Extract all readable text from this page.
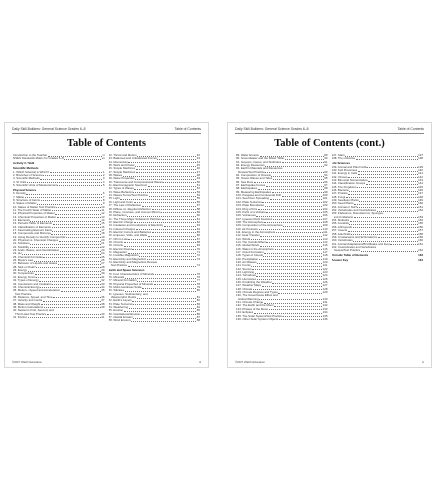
Daily Skill Builders: General Science Grades 6–8	Table of Contents
Table of Contents
Introduction to the Teacher	vi
NSES Standards Matrix for Grades 5–8	vii
Activity # / Skill
Scientific Methods
1. Which Scientist is Which?	1
2. Branches of Science	2
3. Scientific Methods	3
4. SI Units	4
5. Scientific Units of Measurement	5
Physical Science
6. Density	6
7. Matter	7
8. Structure of Atoms	8
9. States of Matter	9
10. States of Matter Test Practice	10
11. The Fourth State of Matter	11
12. Physical Properties of Matter	12
13. Chemical Properties of Matter	13
14. Elements	14
15. Periodic Table of Elements	15
16. Classification of Elements	16
17. Fascinating Element Facts	17
18. Compounds and Mixtures	18
19. Using Density to Identify Compounds	19
20. Physical vs. Chemical Changes	20
21. Solutions	21
22. Solubility	22
23. Acids, Bases, and Neutralization	23
24. pH	24
25. Chemical Formulas	25
26. Boyle's Law	26
27. Behavior of Liquids and Gases	27
28. Sink or Float?	28
29. Energy	29
30. Temperature	30
31. Energy Terms	31
32. Types of Energy	32
33. Conductors and Insulators	33
34. Chemical Energy	34
35. Motion—Speed and Acceleration	35
Test Practice
36. Distance, Speed, and Time	36
37. Velocity and Inertia	37
38. Mass and Weight	38
39. Motion Calculations	39
40. Newton's First, Second, and
Third Laws Test Practice	40
41. Friction	41
42. Thrust and Motion	42
43. Balanced and Unbalanced Forces	43
44. Momentum	44
45. Work and Power	45
46. Simple Machines	46
47. Simple Machines	47
48. Waves	48
49. Wave Properties	49
50. Transverse and Compressional Waves	50
51. Electromagnetic Spectrum	51
52. Types of Waves	52
53. Wave Behavior	53
54. Waves Terms/Test Practice	54
55. Light	55
56. Light and Color	56
57. The Law of Reflection	57
58. Diffuse vs. Regular Reflection	58
59. Plane, Concave, and Convex Mirrors	59
60. Refraction	60
61. The Three Major Subatomic Particles	61
62. Electric Charge	62
63. Insulators and Conductors of Electricity	63
64. Induced Charges	64
65. Electric Current and Batteries	65
66. Amperes, Volts, and Watts	66
67. Ohm's Law	67
68. Circuits	68
69. Circuits	69
70. Electric Power	70
71. Magnetism	71
72. Invisible Magnetism	72
73. Electricity and Magnetism	73
74. Electricity and Magnetism Review/
Test Practice	74
Earth and Space Sciences
75. Four Characteristics of Minerals	75
76. Minerals	76
77. Mineral Formation	77
78. Physical Properties of Minerals	78
79. Mohs Hardness Scale	79
80. Silicates	80
81. Igneous, Sedimentary, and
Metamorphic Rocks	81
82. Earth's Layers	82
83. Plate Tectonics	83
84. Weathering	84
85. Erosion	85
86. Gravitational Erosion	86
87. Glacial Erosion	87
88. Wind Erosion	88
©2007 Walch Education	iii
Daily Skill Builders: General Science Grades 6–8	Table of Contents
Table of Contents (cont.)
89. Water Erosion	89
90. Groundwater and the Water Table	90
91. Geysers, Caves, and Sinkholes	91
92. Energy Resources	92
93. Earth's Materials and Resources
Review/Test Practice	93
94. Composition of Oceans	94
95. Ocean Waves and Tides	95
96. Sea Floor	96
97. Earthquake Forces	97
98. Earthquakes	98
99. Measuring Earthquakes	99
100. Pangaea and Continental Drift	100
101. Sea Floor Spreading	101
102. Plate Tectonics	102
103. Plate Boundaries	103
104. Ring of Fire	104
105. Parts of a Volcano	105
106. Volcanoes	106
107. Igneous Rock Features	107
108. The Atmosphere	108
109. Composition of the Atmosphere	109
110. Air Pressure	110
111. Energy in the Atmosphere	111
112. Heat Transfer	112
113. Winds	113
114. The Coriolis Effect	114
115. Global Winds	115
116. Water in the Atmosphere	116
117. Cloud Formation	117
118. Types of Clouds	118
119. Precipitation	119
120. Air Masses	120
121. Fronts	121
122. Storms	122
123. Lightning	123
124. Tornadoes	124
125. Hurricanes	125
126. Predicting the Weather	126
127. Weather Maps	127
128. Climate	128
129. Climate Regions and Types	129
130. The Greenhouse Effect and
Global Warming	130
131. Climate Change	131
132. The Earth and the Moon	132
133. Phases of the Moon	133
134. Eclipses	134
135. The Solar System/Test Practice	135
136. Other Solar System Objects	136
137. Stars	137
138. The Universe	138
Life Sciences
139. Animal and Plant Cells	139
140. Cell Processes	140
141. Energy in Cells	141
142. Viruses	142
143. Binomial Nomenclature	143
144. Classification Groups	144
145. The Kingdoms	145
146. Bacteria	146
147. Protists	147
148. Fungi	148
149. Seedless Plants	149
150. Seed Plants	150
151. Animal or Not?	151
152. Vertebrates and Invertebrates	152
153. Flatworms, Roundworms, Sponges,
and Cnidarians	153
154. Mollusks	154
155. Annelids	155
156. Arthropods	156
157. Insects	157
158. Arachnids	158
159. Crustaceans and Echinoderms	159
160. Vertebrates	160
161. Animal Adaptations/Bird Beaks and Feet	161
162. Invertebrates and Vertebrates
Review/Test Practice	162
Periodic Table of Elements	163
Answer Key	164
©2007 Walch Education	iv
